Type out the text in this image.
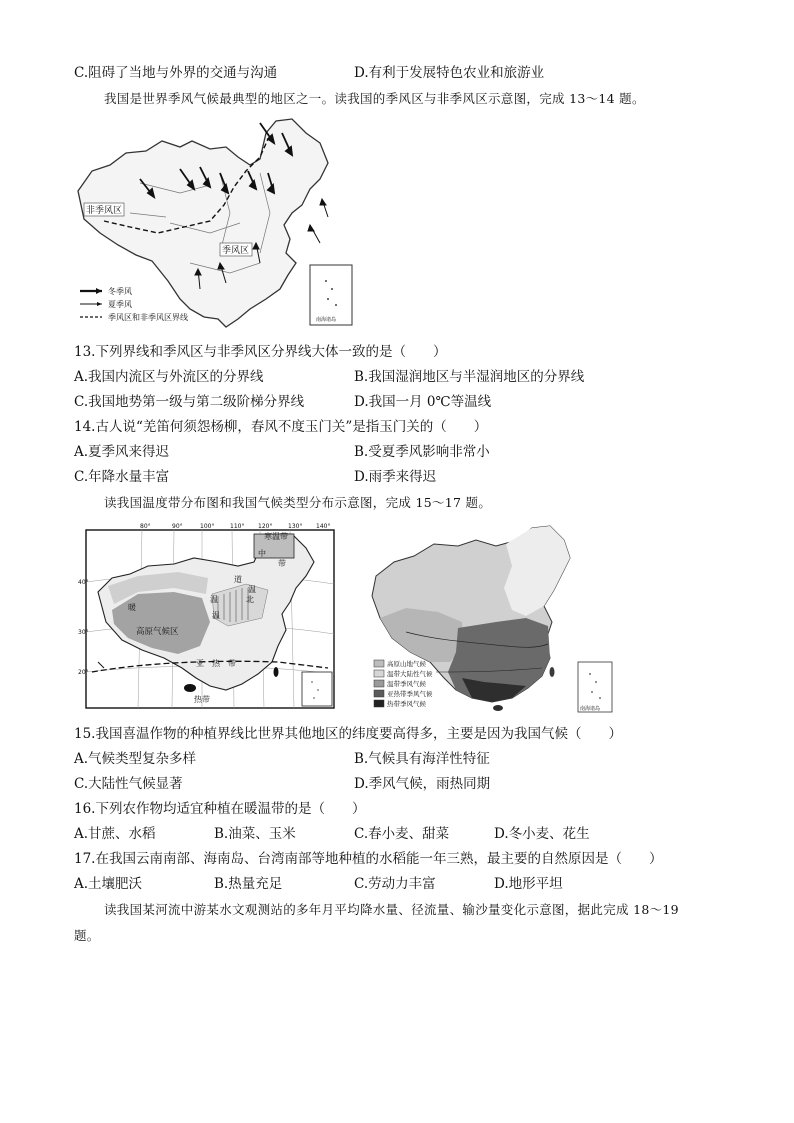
C.阻碍了当地与外界的交通与沟通	D.有利于发展特色农业和旅游业
我国是世界季风气候最典型的地区之一。读我国的季风区与非季风区示意图，完成 13～14 题。
非季风区
季风区
冬季风
夏季风
季风区和非季风区界线	南海诸岛
13.下列界线和季风区与非季风区分界线大体一致的是（　　）
A.我国内流区与外流区的分界线	B.我国湿润地区与半湿润地区的分界线
C.我国地势第一级与第二级阶梯分界线	D.我国一月 0℃等温线
14.古人说“羌笛何须怨杨柳，春风不度玉门关”是指玉门关的（　　）
A.夏季风来得迟	B.受夏季风影响非常小
C.年降水量丰富	D.雨季来得迟
读我国温度带分布图和我国气候类型分布示意图，完成 15～17 题。
80°	90°	100°	110° 120°	130° 140°
40°
30°
20°
寒温带
中
道
带
温
暖
温	北
高原气候区
温
亚　热　带
热带
高原山地气候
温带大陆性气候
温带季风气候
亚热带季风气候
热带季风气候
南海诸岛
15.我国喜温作物的种植界线比世界其他地区的纬度要高得多，主要是因为我国气候（　　）
A.气候类型复杂多样	B.气候具有海洋性特征
C.大陆性气候显著	D.季风气候，雨热同期
16.下列农作物均适宜种植在暖温带的是（　　）
A.甘蔗、水稻	B.油菜、玉米	C.春小麦、甜菜	D.冬小麦、花生
17.在我国云南南部、海南岛、台湾南部等地种植的水稻能一年三熟，最主要的自然原因是（　　）
A.土壤肥沃	B.热量充足	C.劳动力丰富	D.地形平坦
读我国某河流中游某水文观测站的多年月平均降水量、径流量、输沙量变化示意图，据此完成 18～19
题。
